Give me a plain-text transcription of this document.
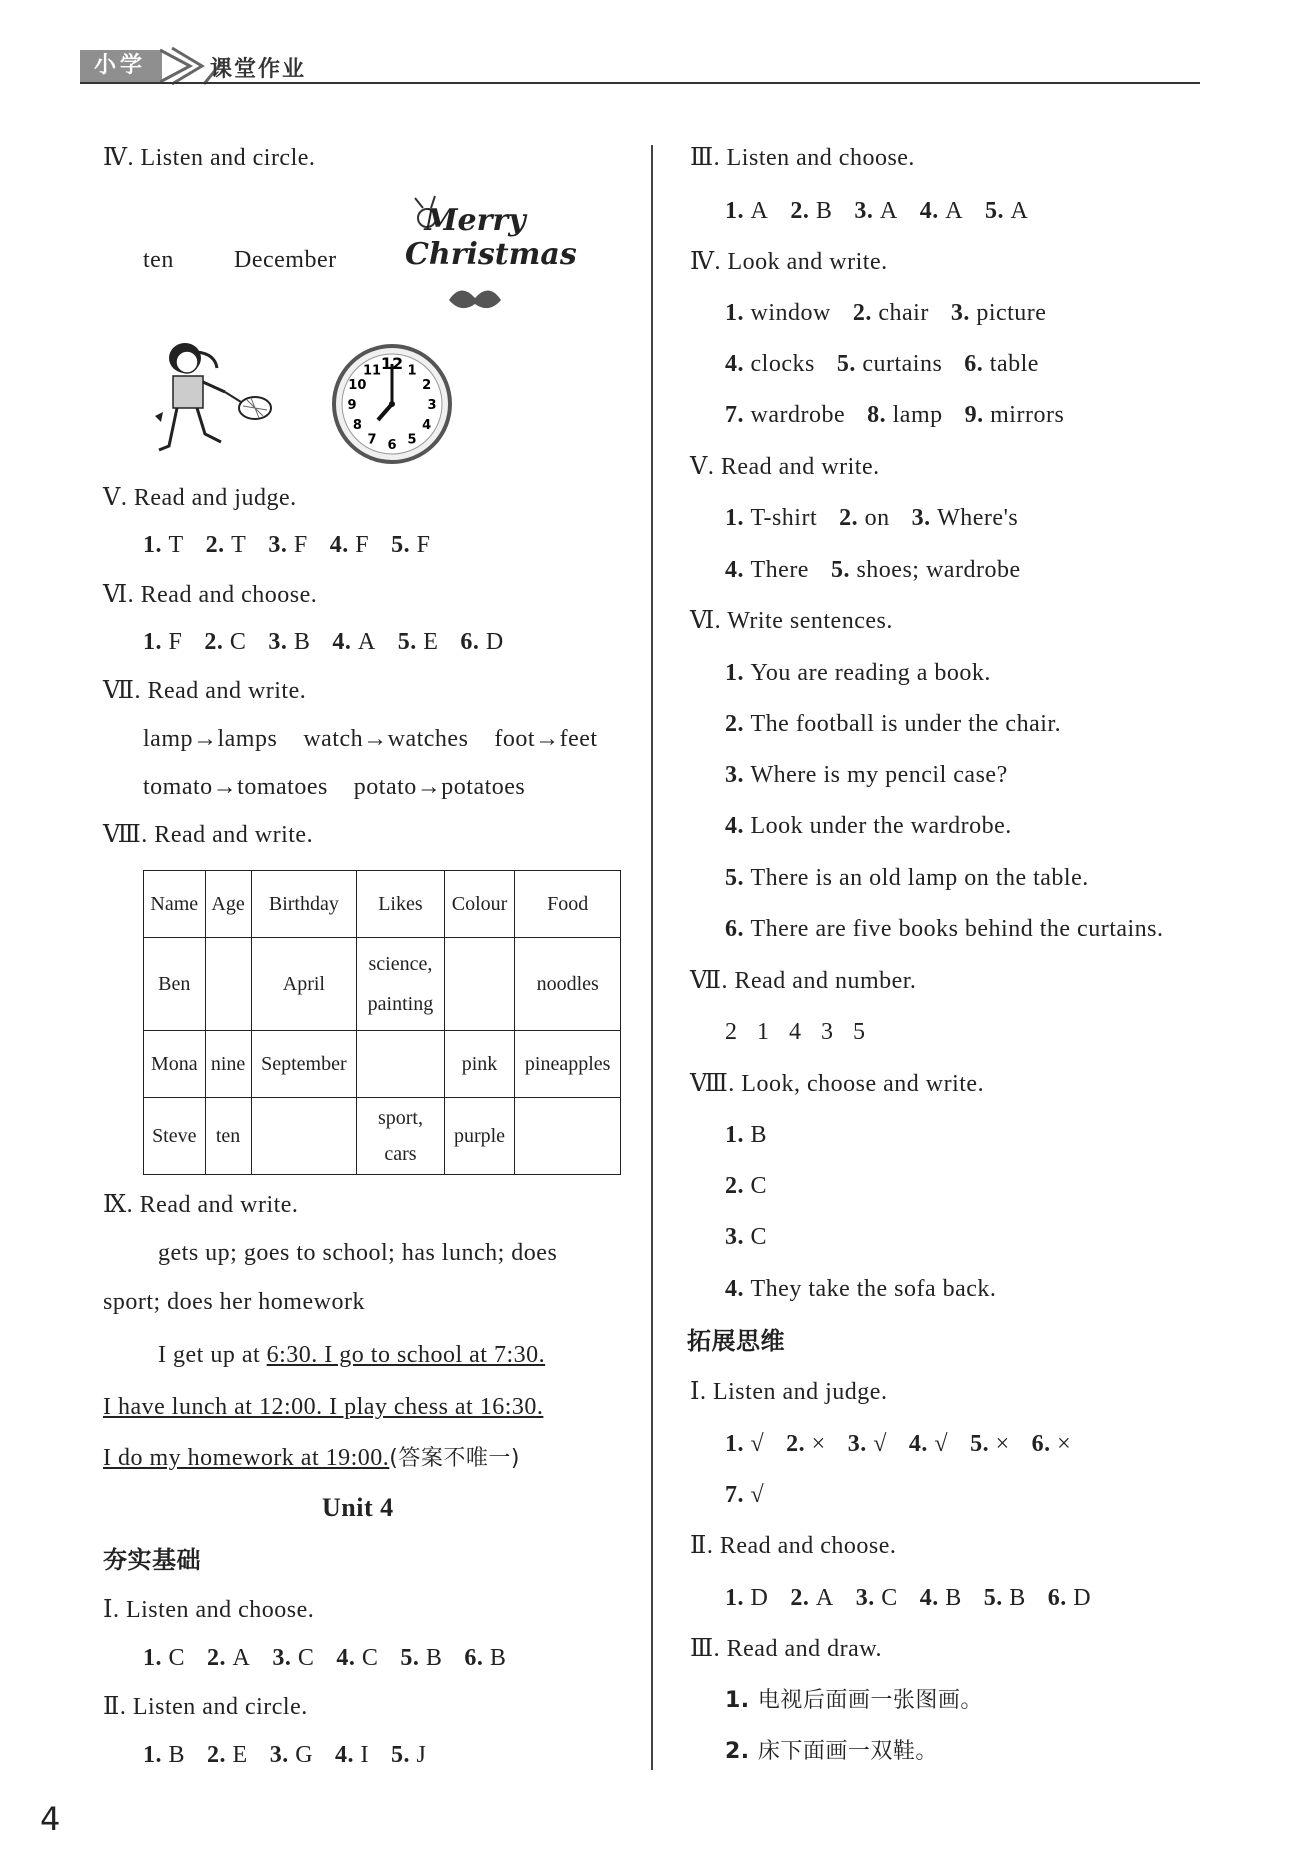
小学	课堂作业
Ⅳ. Listen and circle.
ten	December
Merry Christmas
12 1
2
3
4
5
6
7
8
9
10
11
Ⅴ. Read and judge.
1. T 2. T 3. F 4. F 5. F
Ⅵ. Read and choose.
1. F 2. C 3. B 4. A 5. E 6. D
Ⅶ. Read and write.
lamp→lamps    watch→watches    foot→feet
tomato→tomatoes    potato→potatoes
Ⅷ. Read and write.
Name	Age	Birthday	Likes	Colour	Food
Ben		April	science, painting		noodles
Mona	nine	September		pink	pineapples
Steve	ten		sport, cars	purple	
Ⅸ. Read and write.
gets up; goes to school; has lunch; does
sport; does her homework
I get up at 6:30. I go to school at 7:30.
I have lunch at 12:00. I play chess at 16:30.
I do my homework at 19:00.(答案不唯一)
Unit 4
夯实基础
Ⅰ. Listen and choose.
1. C 2. A 3. C 4. C 5. B 6. B
Ⅱ. Listen and circle.
1. B 2. E 3. G 4. I 5. J
Ⅲ. Listen and choose.
1. A 2. B 3. A 4. A 5. A
Ⅳ. Look and write.
1. window 2. chair 3. picture
4. clocks 5. curtains 6. table
7. wardrobe 8. lamp 9. mirrors
Ⅴ. Read and write.
1. T-shirt 2. on 3. Where's
4. There 5. shoes; wardrobe
Ⅵ. Write sentences.
1. You are reading a book.
2. The football is under the chair.
3. Where is my pencil case?
4. Look under the wardrobe.
5. There is an old lamp on the table.
6. There are five books behind the curtains.
Ⅶ. Read and number.
2   1   4   3   5
Ⅷ. Look, choose and write.
1. B
2. C
3. C
4. They take the sofa back.
拓展思维
Ⅰ. Listen and judge.
1. √ 2. × 3. √ 4. √ 5. × 6. ×
7. √
Ⅱ. Read and choose.
1. D 2. A 3. C 4. B 5. B 6. D
Ⅲ. Read and draw.
1. 电视后面画一张图画。
2. 床下面画一双鞋。
4
